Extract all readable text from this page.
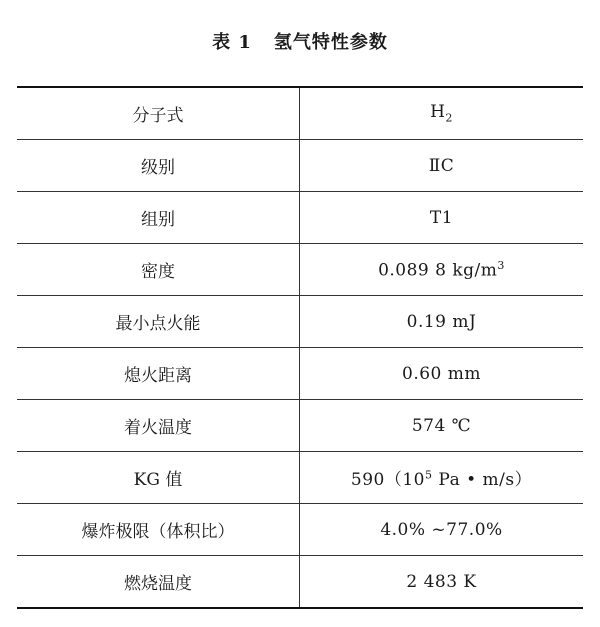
表 1 氢气特性参数
分子式	$H_2$
级别	ⅡC
组别	T1
密度	0.089 8 $kg/m^3$
最小点火能	0.19 mJ
熄火距离	0.60 mm
着火温度	574 ℃
KG 值	$590(10^5$ Pa • m/s）
爆炸极限（体积比）	4.0% ~77.0%
燃烧温度	2 483 K
